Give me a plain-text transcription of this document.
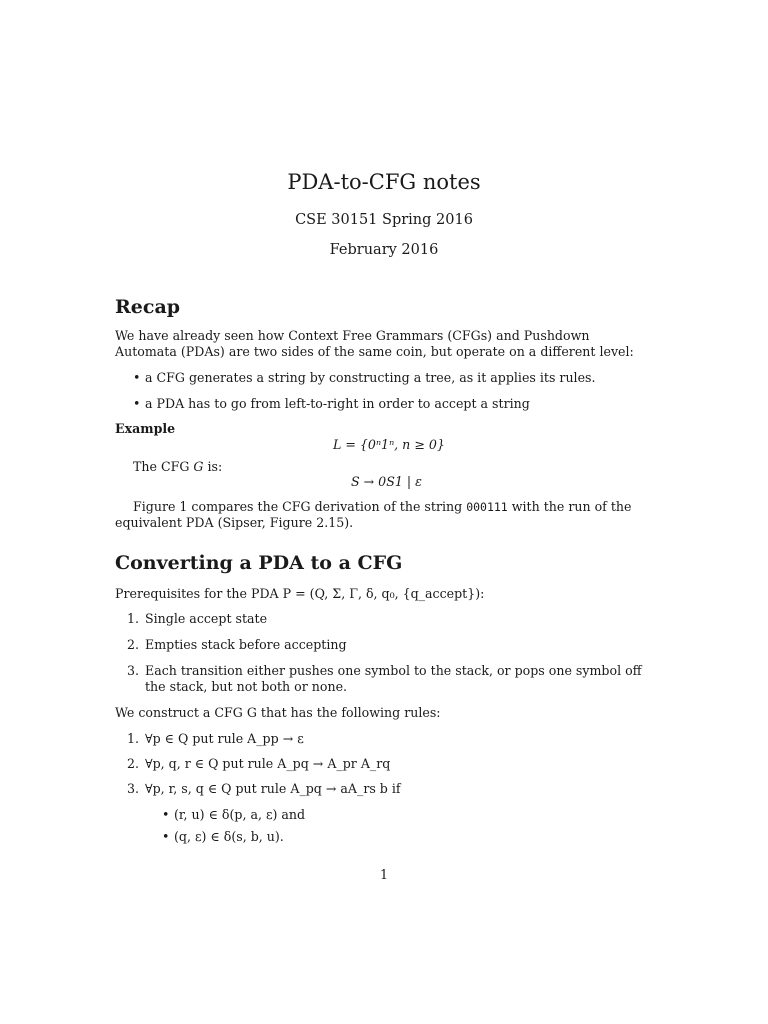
PDA-to-CFG notes
CSE 30151 Spring 2016
February 2016
Recap
We have already seen how Context Free Grammars (CFGs) and Pushdown Automata (PDAs) are two sides of the same coin, but operate on a different level:
• a CFG generates a string by constructing a tree, as it applies its rules.
• a PDA has to go from left-to-right in order to accept a string
Example
L = {0ⁿ1ⁿ, n ≥ 0}
The CFG G is:
S → 0S1 | ε
Figure 1 compares the CFG derivation of the string 000111 with the run of the equivalent PDA (Sipser, Figure 2.15).
Converting a PDA to a CFG
Prerequisites for the PDA P = (Q, Σ, Γ, δ, q₀, {q_accept}):
1. Single accept state
2. Empties stack before accepting
3. Each transition either pushes one symbol to the stack, or pops one symbol off the stack, but not both or none.
We construct a CFG G that has the following rules:
1. ∀p ∈ Q put rule A_pp → ε
2. ∀p, q, r ∈ Q put rule A_pq → A_pr A_rq
3. ∀p, r, s, q ∈ Q put rule A_pq → aA_rs b if
• (r, u) ∈ δ(p, a, ε) and
• (q, ε) ∈ δ(s, b, u).
1
